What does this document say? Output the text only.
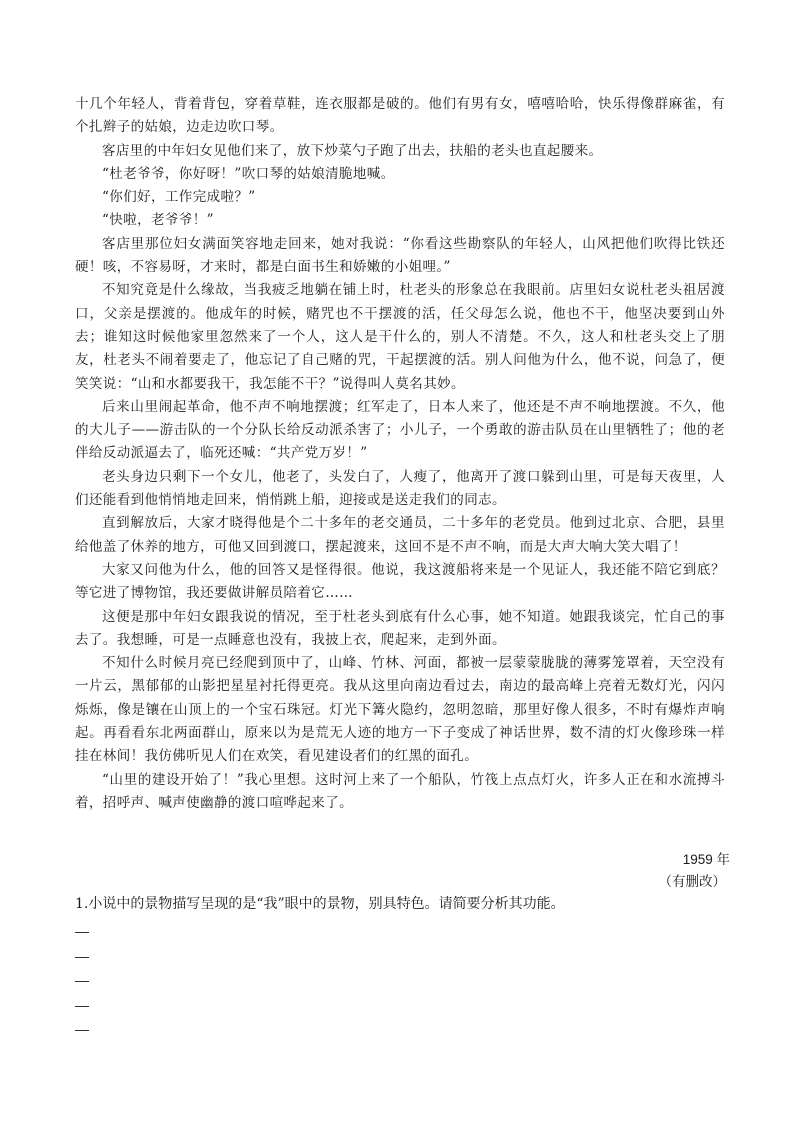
十几个年轻人，背着背包，穿着草鞋，连衣服都是破的。他们有男有女，嘻嘻哈哈，快乐得像群麻雀，有个扎辫子的姑娘，边走边吹口琴。

客店里的中年妇女见他们来了，放下炒菜勺子跑了出去，扶船的老头也直起腰来。

“杜老爷爷，你好呀！”吹口琴的姑娘清脆地喊。

“你们好，工作完成啦？”

“快啦，老爷爷！”

客店里那位妇女满面笑容地走回来，她对我说：“你看这些勘察队的年轻人，山风把他们吹得比铁还硬！咳，不容易呀，才来时，都是白面书生和娇嫩的小姐哩。”

不知究竟是什么缘故，当我疲乏地躺在铺上时，杜老头的形象总在我眼前。店里妇女说杜老头祖居渡口，父亲是摆渡的。他成年的时候，赌咒也不干摆渡的活，任父母怎么说，他也不干，他坚决要到山外去；谁知这时候他家里忽然来了一个人，这人是干什么的，别人不清楚。不久，这人和杜老头交上了朋友，杜老头不闹着要走了，他忘记了自己赌的咒，干起摆渡的活。别人问他为什么，他不说，问急了，便笑笑说：“山和水都要我干，我怎能不干？”说得叫人莫名其妙。

后来山里闹起革命，他不声不响地摆渡；红军走了，日本人来了，他还是不声不响地摆渡。不久，他的大儿子——游击队的一个分队长给反动派杀害了；小儿子，一个勇敢的游击队员在山里牺牲了；他的老伴给反动派逼去了，临死还喊：“共产党万岁！”

老头身边只剩下一个女儿，他老了，头发白了，人瘦了，他离开了渡口躲到山里，可是每天夜里，人们还能看到他悄悄地走回来，悄悄跳上船，迎接或是送走我们的同志。

直到解放后，大家才晓得他是个二十多年的老交通员，二十多年的老党员。他到过北京、合肥，县里给他盖了休养的地方，可他又回到渡口，摆起渡来，这回不是不声不响，而是大声大响大笑大唱了！

大家又问他为什么，他的回答又是怪得很。他说，我这渡船将来是一个见证人，我还能不陪它到底？等它进了博物馆，我还要做讲解员陪着它……

这便是那中年妇女跟我说的情况，至于杜老头到底有什么心事，她不知道。她跟我谈完，忙自己的事去了。我想睡，可是一点睡意也没有，我披上衣，爬起来，走到外面。

不知什么时候月亮已经爬到顶中了，山峰、竹林、河面，都被一层蒙蒙胧胧的薄雾笼罩着，天空没有一片云，黑郁郁的山影把星星衬托得更亮。我从这里向南边看过去，南边的最高峰上亮着无数灯光，闪闪烁烁，像是镶在山顶上的一个宝石珠冠。灯光下篝火隐约，忽明忽暗，那里好像人很多，不时有爆炸声响起。再看看东北两面群山，原来以为是荒无人迹的地方一下子变成了神话世界，数不清的灯火像珍珠一样挂在林间！我仿佛听见人们在欢笑，看见建设者们的红黑的面孔。

“山里的建设开始了！”我心里想。这时河上来了一个船队，竹筏上点点灯火，许多人正在和水流搏斗着，招呼声、喊声使幽静的渡口喧哗起来了。

1959 年
（有删改）
1.小说中的景物描写呈现的是“我”眼中的景物，别具特色。请简要分析其功能。
